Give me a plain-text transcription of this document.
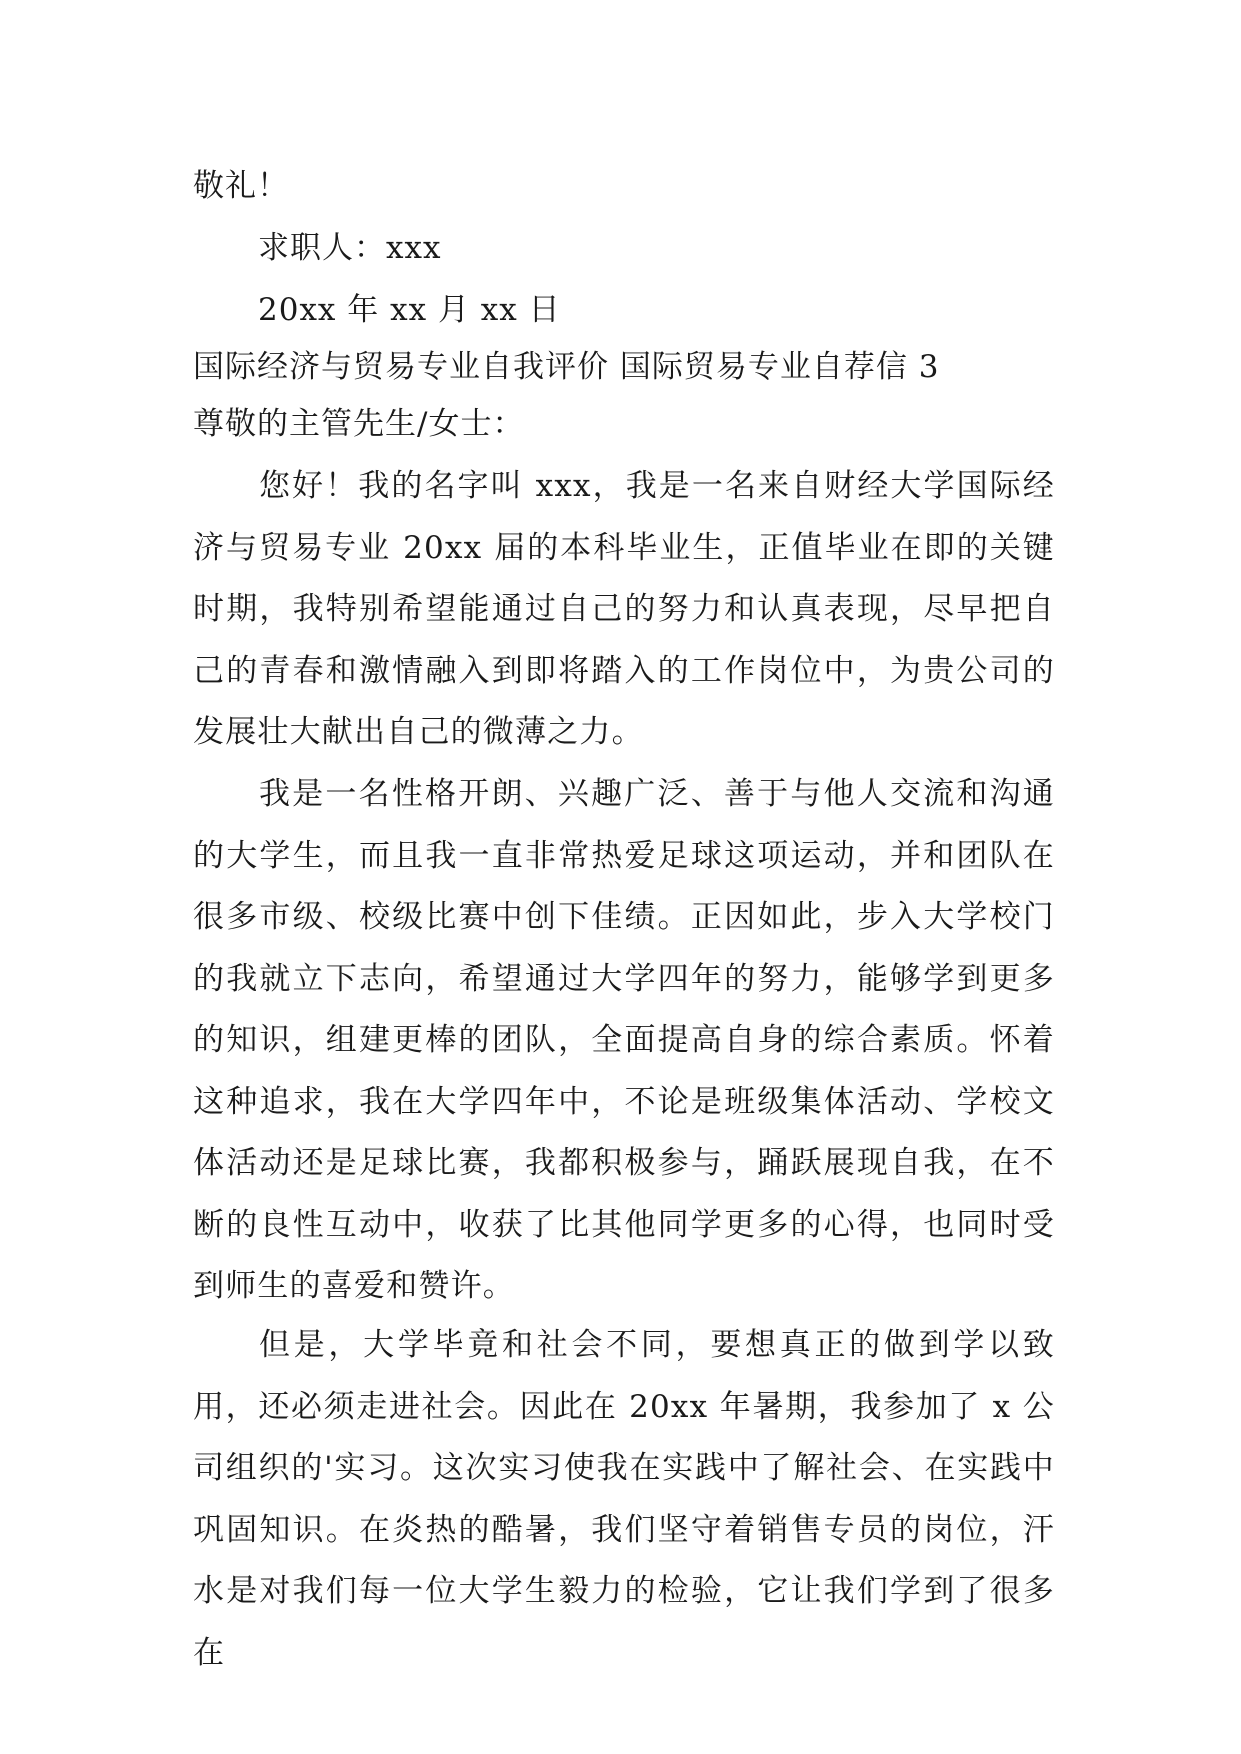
敬礼！
求职人：xxx
20xx 年 xx 月 xx 日
国际经济与贸易专业自我评价 国际贸易专业自荐信 3
尊敬的主管先生/女士：

您好！我的名字叫 xxx，我是一名来自财经大学国际经济与贸易专业 20xx 届的本科毕业生，正值毕业在即的关键时期，我特别希望能通过自己的努力和认真表现，尽早把自己的青春和激情融入到即将踏入的工作岗位中，为贵公司的发展壮大献出自己的微薄之力。

我是一名性格开朗、兴趣广泛、善于与他人交流和沟通的大学生，而且我一直非常热爱足球这项运动，并和团队在很多市级、校级比赛中创下佳绩。正因如此，步入大学校门的我就立下志向，希望通过大学四年的努力，能够学到更多的知识，组建更棒的团队，全面提高自身的综合素质。怀着这种追求，我在大学四年中，不论是班级集体活动、学校文体活动还是足球比赛，我都积极参与，踊跃展现自我，在不断的良性互动中，收获了比其他同学更多的心得，也同时受到师生的喜爱和赞许。

但是，大学毕竟和社会不同，要想真正的做到学以致用，还必须走进社会。因此在 20xx 年暑期，我参加了 x 公司组织的'实习。这次实习使我在实践中了解社会、在实践中巩固知识。在炎热的酷暑，我们坚守着销售专员的岗位，汗水是对我们每一位大学生毅力的检验，它让我们学到了很多在
